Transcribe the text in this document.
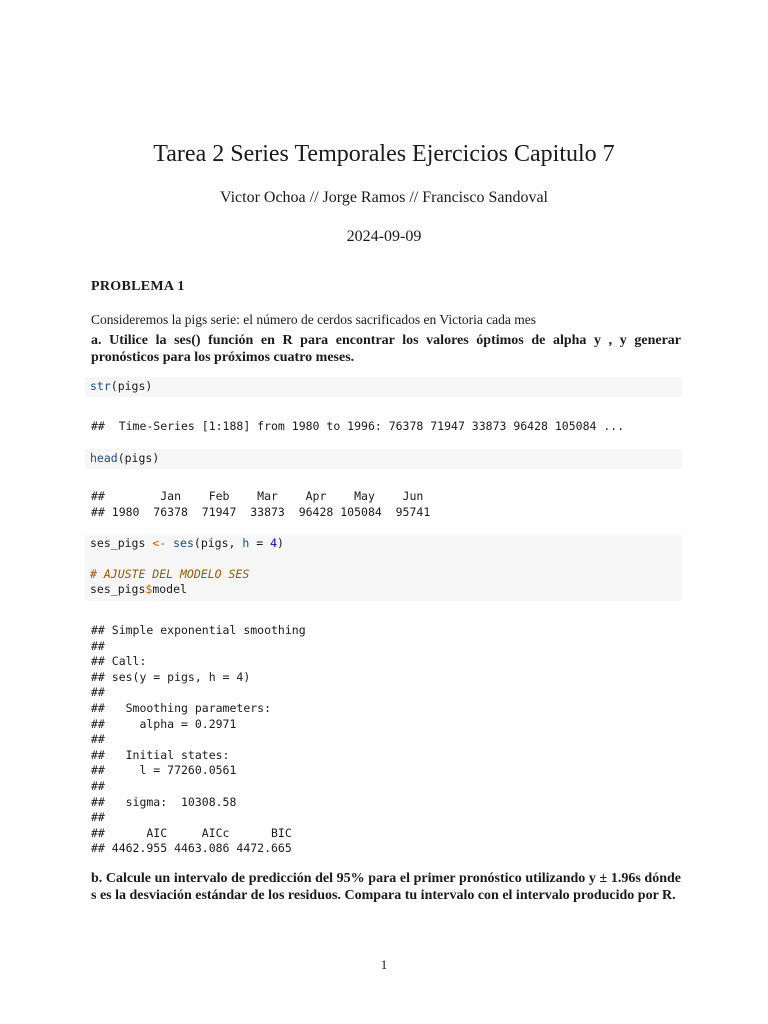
Tarea 2 Series Temporales Ejercicios Capitulo 7
Victor Ochoa // Jorge Ramos // Francisco Sandoval
2024-09-09
PROBLEMA 1
Consideremos la pigs serie: el número de cerdos sacrificados en Victoria cada mes
a. Utilice la ses() función en R para encontrar los valores óptimos de alpha y , y generar pronósticos para los próximos cuatro meses.
str(pigs)
##  Time-Series [1:188] from 1980 to 1996: 76378 71947 33873 96428 105084 ...
head(pigs)
##        Jan    Feb    Mar    Apr    May    Jun
## 1980  76378  71947  33873  96428 105084  95741
ses_pigs <- ses(pigs, h = 4)
# AJUSTE DEL MODELO SES
ses_pigs$model
## Simple exponential smoothing
##
## Call:
## ses(y = pigs, h = 4)
##
##   Smoothing parameters:
##     alpha = 0.2971
##
##   Initial states:
##     l = 77260.0561
##
##   sigma:  10308.58
##
##      AIC     AICc      BIC
## 4462.955 4463.086 4472.665
b. Calcule un intervalo de predicción del 95% para el primer pronóstico utilizando y ± 1.96s dónde s es la desviación estándar de los residuos. Compara tu intervalo con el intervalo producido por R.
1
